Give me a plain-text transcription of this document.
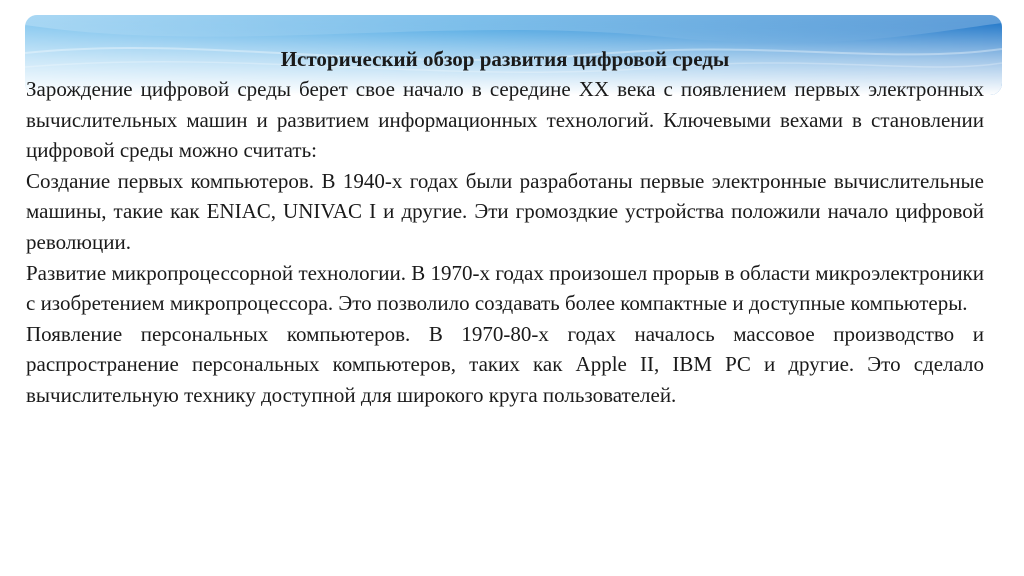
Исторический обзор развития цифровой среды

Зарождение цифровой среды берет свое начало в середине XX века с появлением первых электронных вычислительных машин и развитием информационных технологий. Ключевыми вехами в становлении цифровой среды можно считать:

Создание первых компьютеров. В 1940-х годах были разработаны первые электронные вычислительные машины, такие как ENIAC, UNIVAC I и другие. Эти громоздкие устройства положили начало цифровой революции.

Развитие микропроцессорной технологии. В 1970-х годах произошел прорыв в области микроэлектроники с изобретением микропроцессора. Это позволило создавать более компактные и доступные компьютеры.

Появление персональных компьютеров. В 1970-80-х годах началось массовое производство и распространение персональных компьютеров, таких как Apple II, IBM PC и другие. Это сделало вычислительную технику доступной для широкого круга пользователей.
